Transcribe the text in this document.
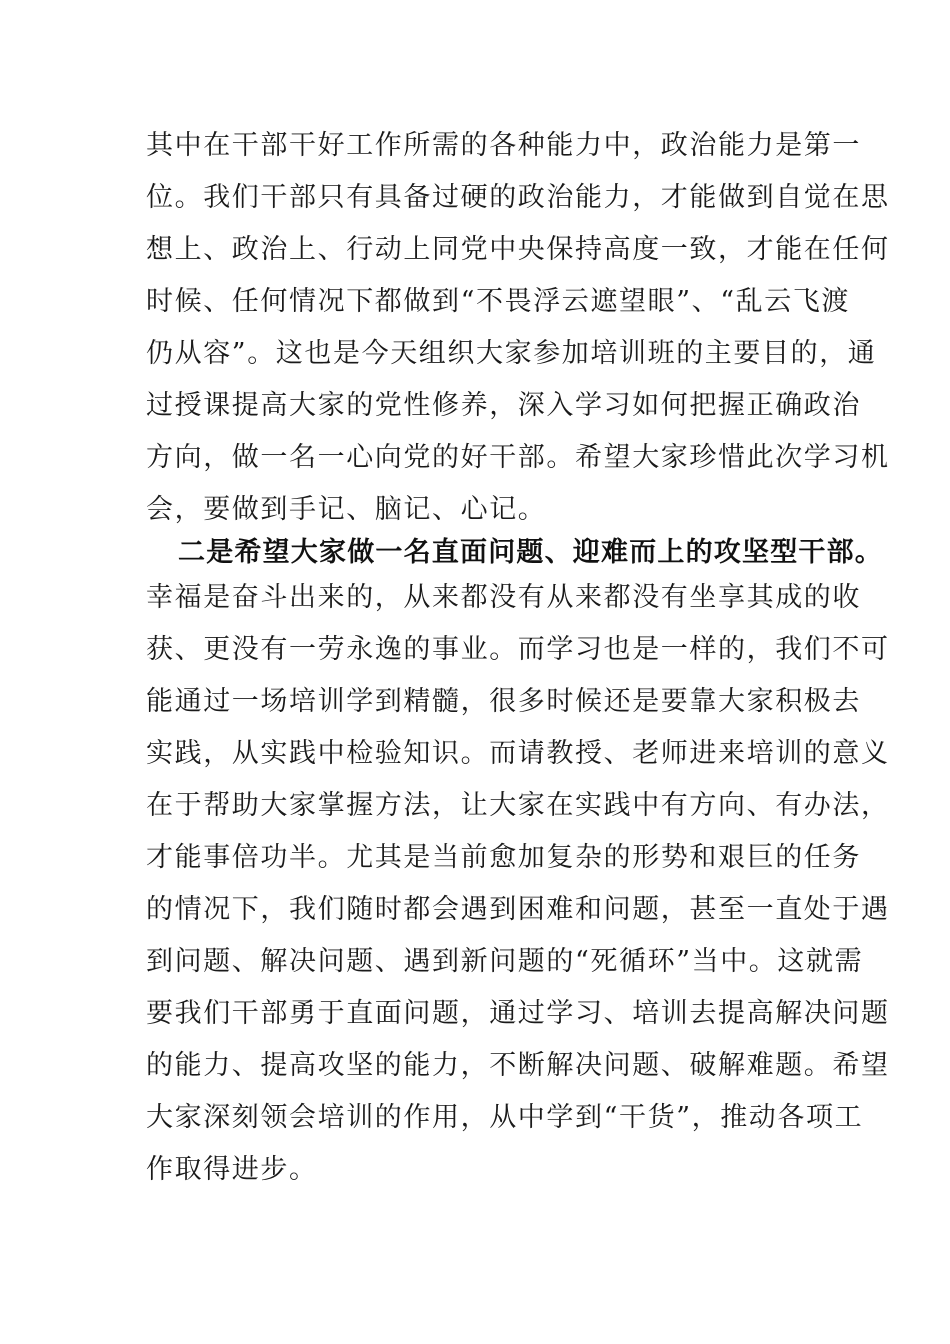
其中在干部干好工作所需的各种能力中，政治能力是第一
位。我们干部只有具备过硬的政治能力，才能做到自觉在思
想上、政治上、行动上同党中央保持高度一致，才能在任何
时候、任何情况下都做到“不畏浮云遮望眼”、“乱云飞渡
仍从容”。这也是今天组织大家参加培训班的主要目的，通
过授课提高大家的党性修养，深入学习如何把握正确政治
方向，做一名一心向党的好干部。希望大家珍惜此次学习机
会，要做到手记、脑记、心记。
二是希望大家做一名直面问题、迎难而上的攻坚型干部。
幸福是奋斗出来的，从来都没有从来都没有坐享其成的收
获、更没有一劳永逸的事业。而学习也是一样的，我们不可
能通过一场培训学到精髓，很多时候还是要靠大家积极去
实践，从实践中检验知识。而请教授、老师进来培训的意义
在于帮助大家掌握方法，让大家在实践中有方向、有办法，
才能事倍功半。尤其是当前愈加复杂的形势和艰巨的任务
的情况下，我们随时都会遇到困难和问题，甚至一直处于遇
到问题、解决问题、遇到新问题的“死循环”当中。这就需
要我们干部勇于直面问题，通过学习、培训去提高解决问题
的能力、提高攻坚的能力，不断解决问题、破解难题。希望
大家深刻领会培训的作用，从中学到“干货”，推动各项工
作取得进步。
